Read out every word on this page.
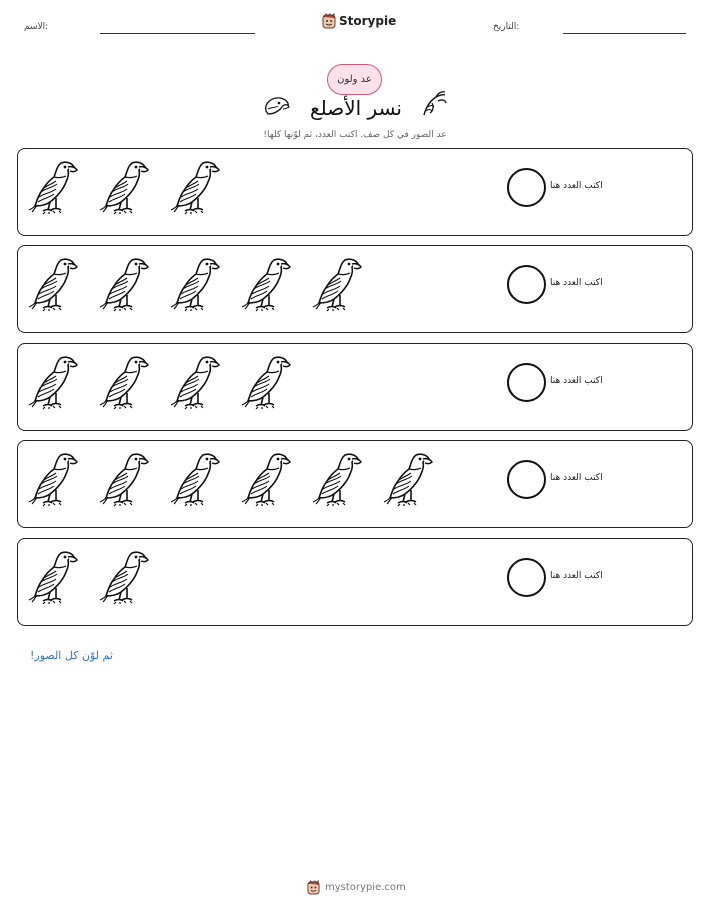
الاسم:	Storypie	التاريخ:
عد ولون
نسر الأصلع
عد الصور في كل صف. اكتب العدد، ثم لوّنها كلها!
اكتب العدد هنا
اكتب العدد هنا
اكتب العدد هنا
اكتب العدد هنا
اكتب العدد هنا
ثم لوّن كل الصور!
mystorypie.com
